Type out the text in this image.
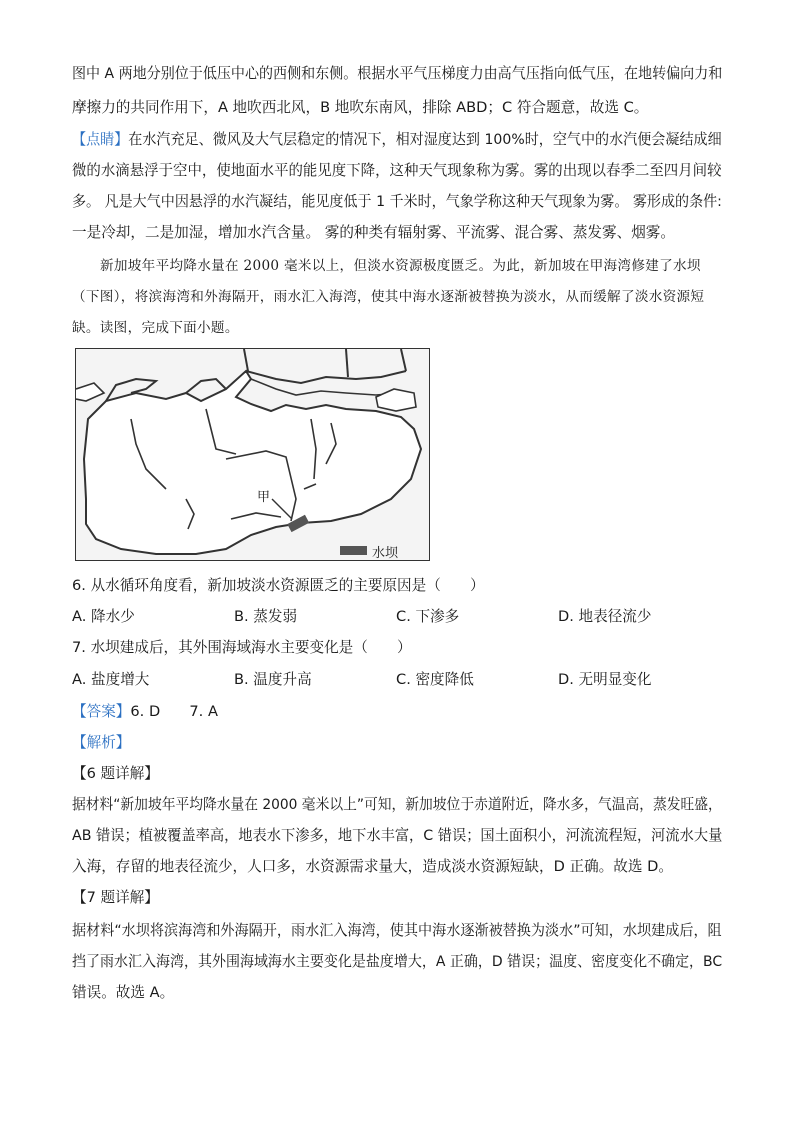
图中 A 两地分别位于低压中心的西侧和东侧。根据水平气压梯度力由高气压指向低气压，在地转偏向力和
摩擦力的共同作用下，A 地吹西北风，B 地吹东南风，排除 ABD；C 符合题意，故选 C。
【点睛】在水汽充足、微风及大气层稳定的情况下，相对湿度达到 100%时，空气中的水汽便会凝结成细
微的水滴悬浮于空中，使地面水平的能见度下降，这种天气现象称为雾。雾的出现以春季二至四月间较
多。 凡是大气中因悬浮的水汽凝结，能见度低于 1 千米时，气象学称这种天气现象为雾。 雾形成的条件:
一是冷却，二是加湿，增加水汽含量。 雾的种类有辐射雾、平流雾、混合雾、蒸发雾、烟雾。
新加坡年平均降水量在 2000 毫米以上，但淡水资源极度匮乏。为此，新加坡在甲海湾修建了水坝
（下图），将滨海湾和外海隔开，雨水汇入海湾，使其中海水逐渐被替换为淡水，从而缓解了淡水资源短
缺。读图，完成下面小题。
甲
水坝
6. 从水循环角度看，新加坡淡水资源匮乏的主要原因是（　　）
A. 降水少	B. 蒸发弱	C. 下渗多	D. 地表径流少
7. 水坝建成后，其外围海域海水主要变化是（　　）
A. 盐度增大	B. 温度升高	C. 密度降低	D. 无明显变化
【答案】6. D　　7. A
【解析】
【6 题详解】
据材料“新加坡年平均降水量在 2000 毫米以上”可知，新加坡位于赤道附近，降水多，气温高，蒸发旺盛，
AB 错误；植被覆盖率高，地表水下渗多，地下水丰富，C 错误；国土面积小，河流流程短，河流水大量
入海，存留的地表径流少，人口多，水资源需求量大，造成淡水资源短缺，D 正确。故选 D。
【7 题详解】
据材料“水坝将滨海湾和外海隔开，雨水汇入海湾，使其中海水逐渐被替换为淡水”可知，水坝建成后，阻
挡了雨水汇入海湾，其外围海域海水主要变化是盐度增大，A 正确，D 错误；温度、密度变化不确定，BC
错误。故选 A。
